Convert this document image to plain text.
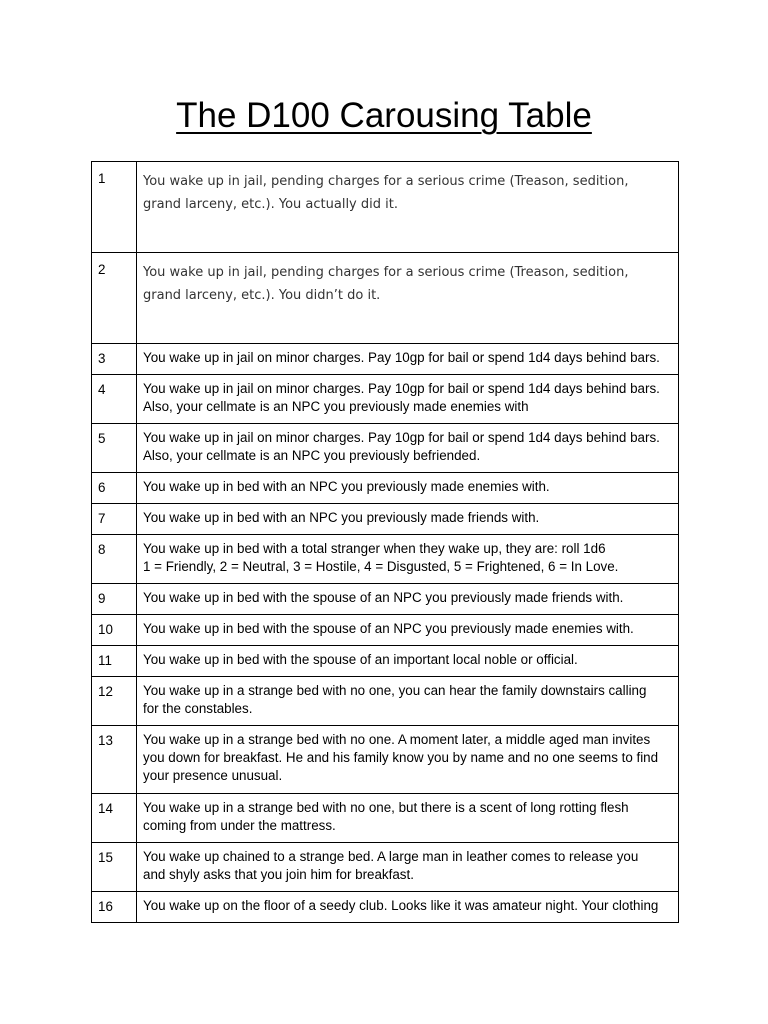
The D100 Carousing Table
1	You wake up in jail, pending charges for a serious crime (Treason, sedition,
grand larceny, etc.). You actually did it.
2	You wake up in jail, pending charges for a serious crime (Treason, sedition,
grand larceny, etc.). You didn’t do it.
3	You wake up in jail on minor charges. Pay 10gp for bail or spend 1d4 days behind bars.
4	You wake up in jail on minor charges. Pay 10gp for bail or spend 1d4 days behind bars.
Also, your cellmate is an NPC you previously made enemies with
5	You wake up in jail on minor charges. Pay 10gp for bail or spend 1d4 days behind bars.
Also, your cellmate is an NPC you previously befriended.
6	You wake up in bed with an NPC you previously made enemies with.
7	You wake up in bed with an NPC you previously made friends with.
8	You wake up in bed with a total stranger when they wake up, they are: roll 1d6
1 = Friendly, 2 = Neutral, 3 = Hostile, 4 = Disgusted, 5 = Frightened, 6 = In Love.
9	You wake up in bed with the spouse of an NPC you previously made friends with.
10	You wake up in bed with the spouse of an NPC you previously made enemies with.
11	You wake up in bed with the spouse of an important local noble or official.
12	You wake up in a strange bed with no one, you can hear the family downstairs calling
for the constables.
13	You wake up in a strange bed with no one. A moment later, a middle aged man invites
you down for breakfast. He and his family know you by name and no one seems to find
your presence unusual.
14	You wake up in a strange bed with no one, but there is a scent of long rotting flesh
coming from under the mattress.
15	You wake up chained to a strange bed. A large man in leather comes to release you
and shyly asks that you join him for breakfast.
16	You wake up on the floor of a seedy club. Looks like it was amateur night. Your clothing
